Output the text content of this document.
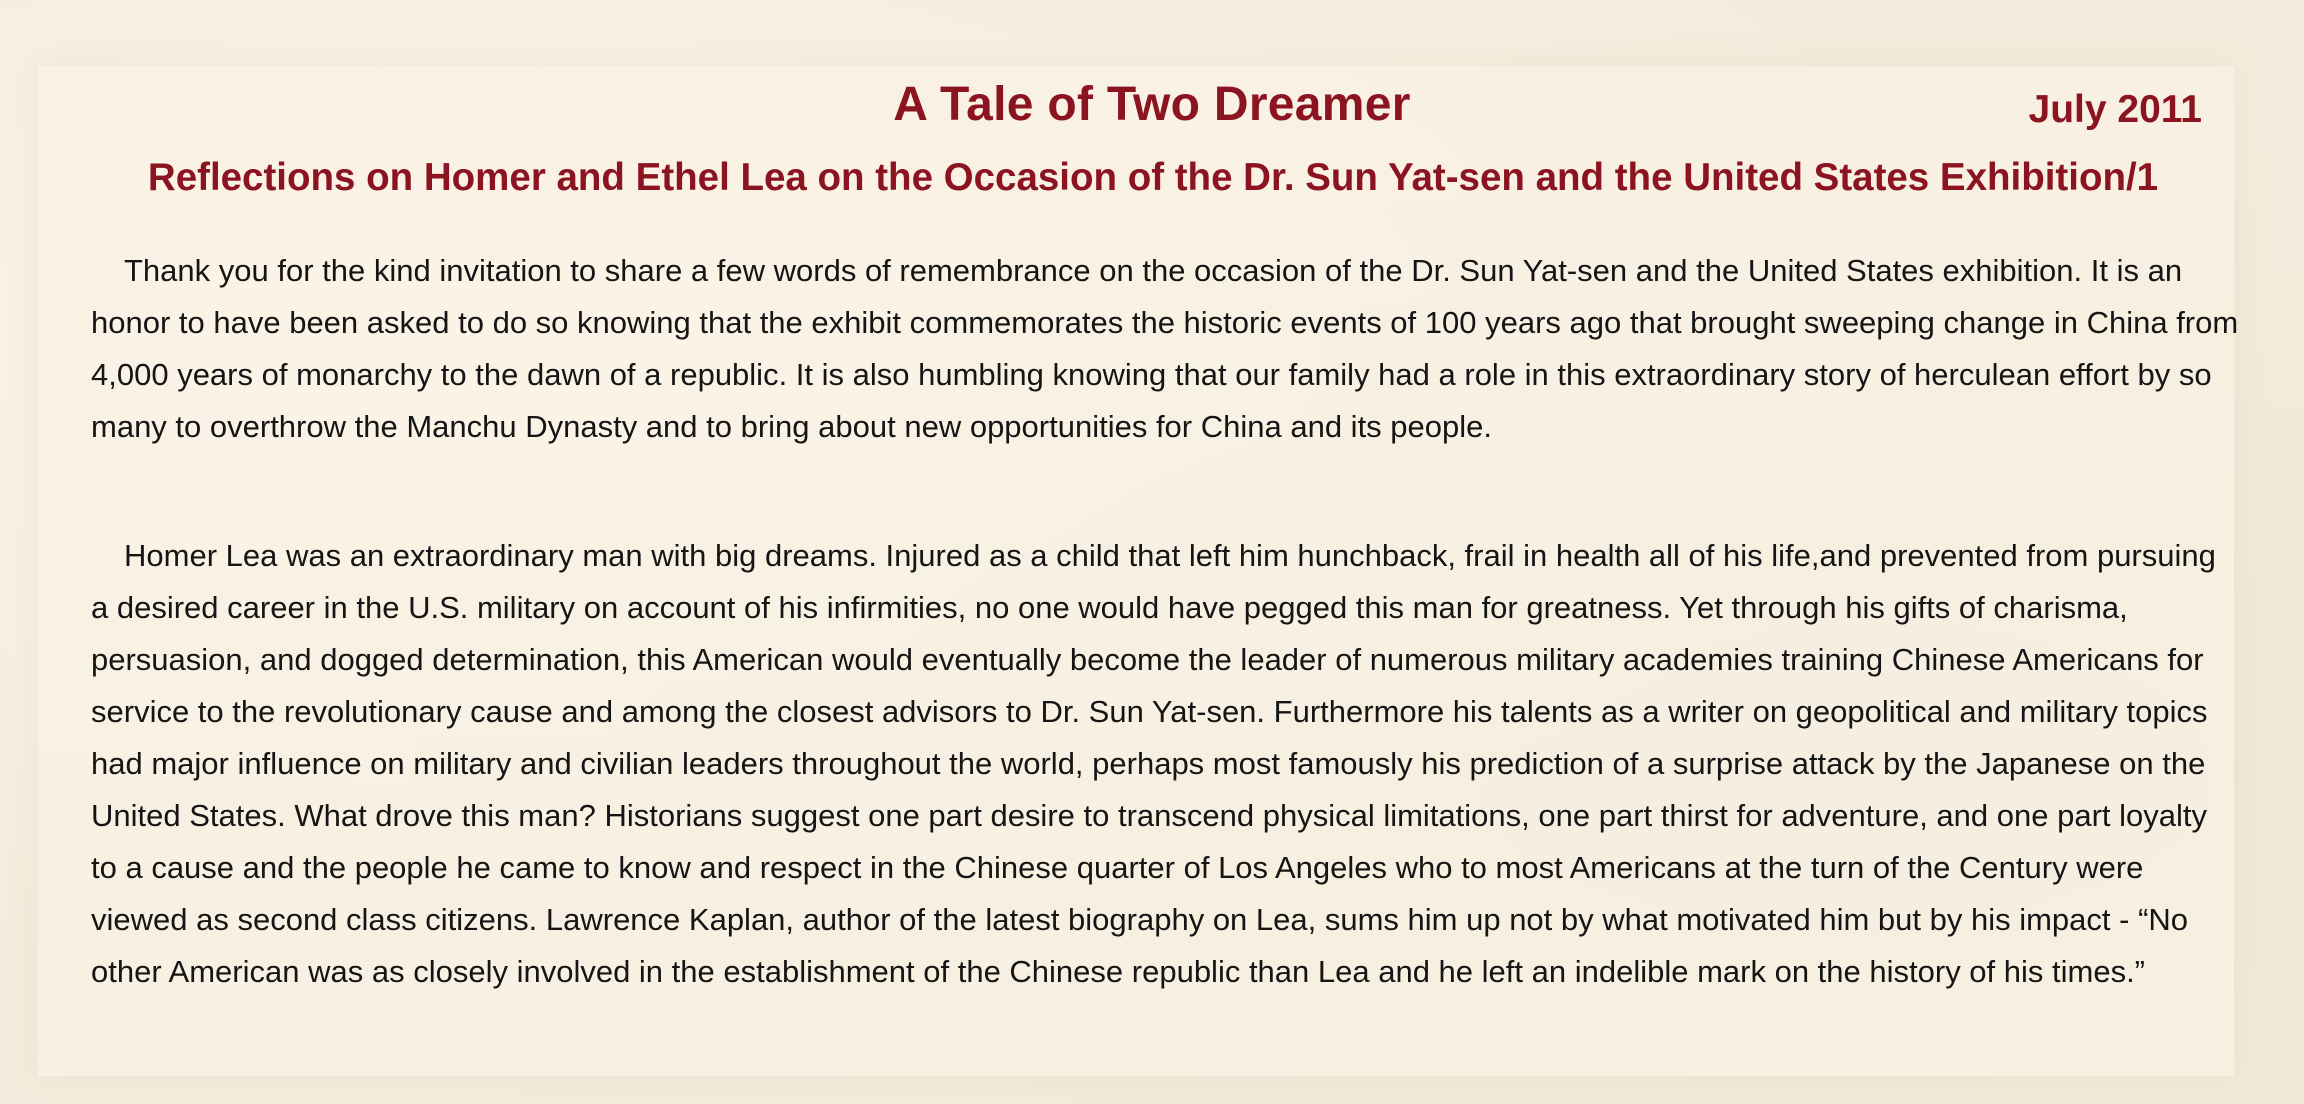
A Tale of Two Dreamer	July 2011
Reflections on Homer and Ethel Lea on the Occasion of the Dr. Sun Yat-sen and the United States Exhibition/1

Thank you for the kind invitation to share a few words of remembrance on the occasion of the Dr. Sun Yat-sen and the United States exhibition. It is an honor to have been asked to do so knowing that the exhibit commemorates the historic events of 100 years ago that brought sweeping change in China from 4,000 years of monarchy to the dawn of a republic. It is also humbling knowing that our family had a role in this extraordinary story of herculean effort by so many to overthrow the Manchu Dynasty and to bring about new opportunities for China and its people.

Homer Lea was an extraordinary man with big dreams. Injured as a child that left him hunchback, frail in health all of his life,and prevented from pursuing a desired career in the U.S. military on account of his infirmities, no one would have pegged this man for greatness. Yet through his gifts of charisma, persuasion, and dogged determination, this American would eventually become the leader of numerous military academies training Chinese Americans for service to the revolutionary cause and among the closest advisors to Dr. Sun Yat-sen. Furthermore his talents as a writer on geopolitical and military topics had major influence on military and civilian leaders throughout the world, perhaps most famously his prediction of a surprise attack by the Japanese on the United States. What drove this man? Historians suggest one part desire to transcend physical limitations, one part thirst for adventure, and one part loyalty to a cause and the people he came to know and respect in the Chinese quarter of Los Angeles who to most Americans at the turn of the Century were viewed as second class citizens. Lawrence Kaplan, author of the latest biography on Lea, sums him up not by what motivated him but by his impact - “No other American was as closely involved in the establishment of the Chinese republic than Lea and he left an indelible mark on the history of his times.”
